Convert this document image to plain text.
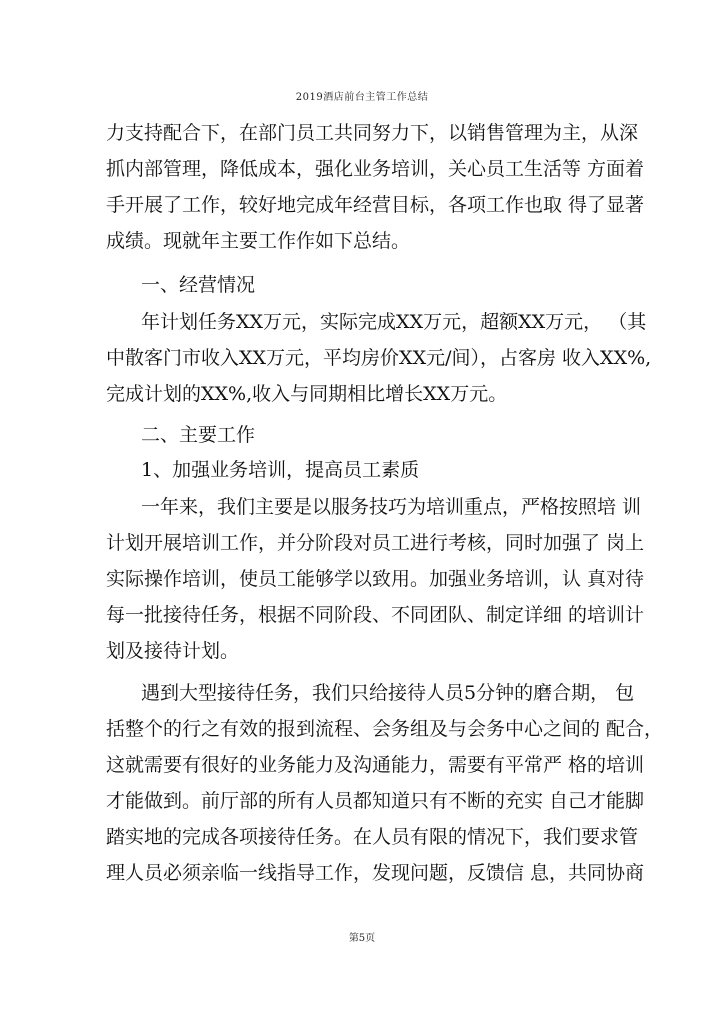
2019酒店前台主管工作总结
力支持配合下，在部门员工共同努力下，以销售管理为主，从深
抓内部管理，降低成本，强化业务培训，关心员工生活等 方面着
手开展了工作，较好地完成年经营目标，各项工作也取 得了显著
成绩。现就年主要工作作如下总结。
一、经营情况
年计划任务XX万元，实际完成XX万元，超额XX万元， （其
中散客门市收入XX万元，平均房价XX元/间），占客房 收入XX%,
完成计划的XX%,收入与同期相比增长XX万元。
二、主要工作
1、加强业务培训，提高员工素质
一年来，我们主要是以服务技巧为培训重点，严格按照培 训
计划开展培训工作，并分阶段对员工进行考核，同时加强了 岗上
实际操作培训，使员工能够学以致用。加强业务培训，认 真对待
每一批接待任务，根据不同阶段、不同团队、制定详细 的培训计
划及接待计划。
遇到大型接待任务，我们只给接待人员5分钟的磨合期， 包
括整个的行之有效的报到流程、会务组及与会务中心之间的 配合，
这就需要有很好的业务能力及沟通能力，需要有平常严 格的培训
才能做到。前厅部的所有人员都知道只有不断的充实 自己才能脚
踏实地的完成各项接待任务。在人员有限的情况下，我们要求管
理人员必须亲临一线指导工作，发现问题，反馈信 息，共同协商
第5页
